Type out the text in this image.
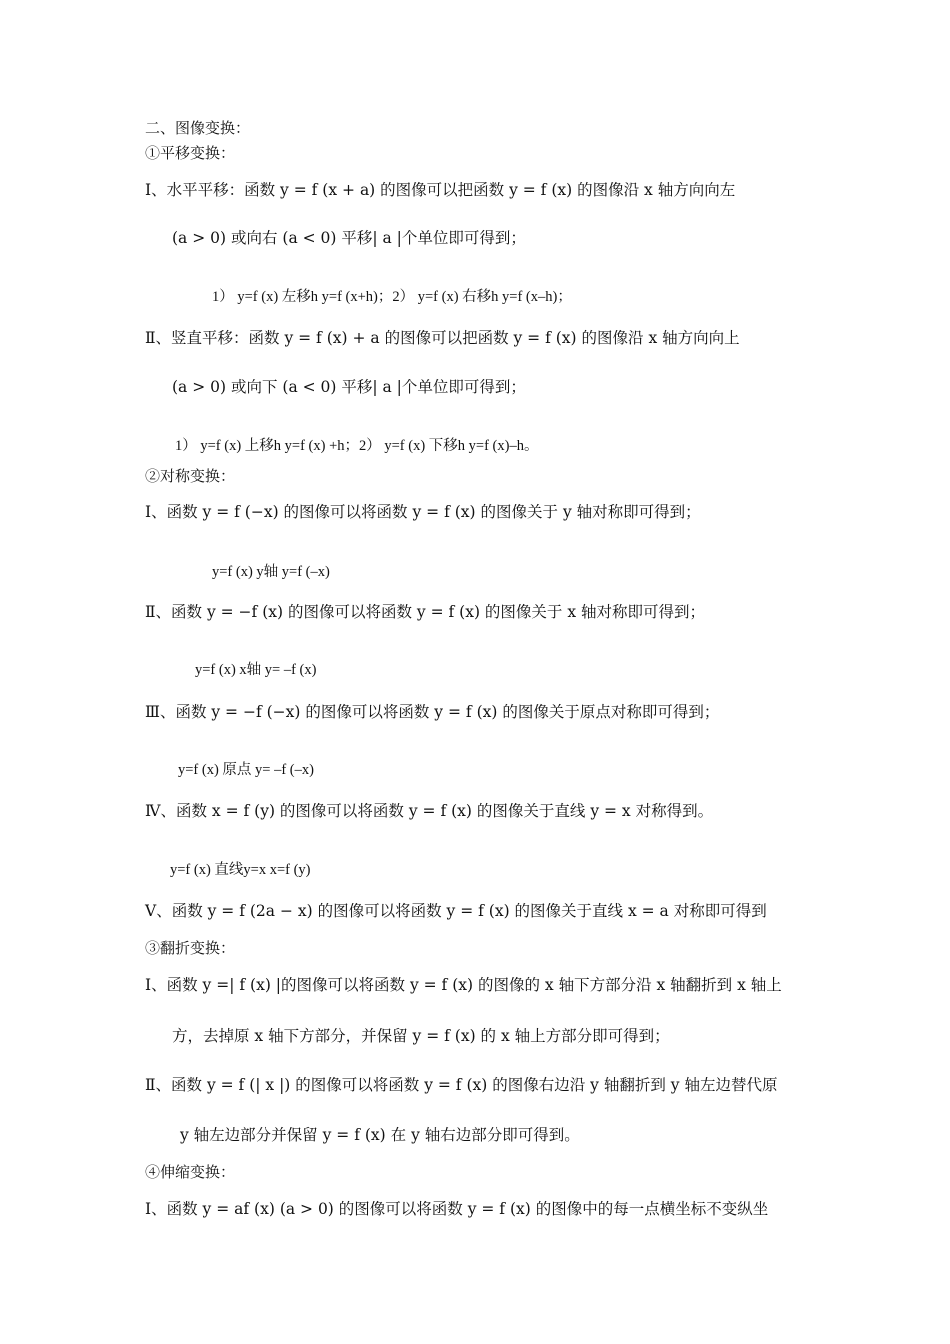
二、图像变换：
①平移变换：
Ⅰ、水平平移：函数 y = f (x + a) 的图像可以把函数 y = f (x) 的图像沿 x 轴方向向左
(a > 0) 或向右 (a < 0) 平移| a |个单位即可得到；
1） y=f (x) 左移h y=f (x+h)；2） y=f (x) 右移h y=f (x–h)；
Ⅱ、竖直平移：函数 y = f (x) + a 的图像可以把函数 y = f (x) 的图像沿 x 轴方向向上
(a > 0) 或向下 (a < 0) 平移| a |个单位即可得到；
1） y=f (x) 上移h y=f (x) +h；2） y=f (x) 下移h y=f (x)–h。
②对称变换：
Ⅰ、函数 y = f (−x) 的图像可以将函数 y = f (x) 的图像关于 y 轴对称即可得到；
y=f (x) y轴 y=f (–x)
Ⅱ、函数 y = −f (x) 的图像可以将函数 y = f (x) 的图像关于 x 轴对称即可得到；
y=f (x) x轴 y= –f (x)
Ⅲ、函数 y = −f (−x) 的图像可以将函数 y = f (x) 的图像关于原点对称即可得到；
y=f (x) 原点 y= –f (–x)
Ⅳ、函数 x = f (y) 的图像可以将函数 y = f (x) 的图像关于直线 y = x 对称得到。
y=f (x) 直线y=x x=f (y)
Ⅴ、函数 y = f (2a − x) 的图像可以将函数 y = f (x) 的图像关于直线 x = a 对称即可得到
③翻折变换：
Ⅰ、函数 y =| f (x) |的图像可以将函数 y = f (x) 的图像的 x 轴下方部分沿 x 轴翻折到 x 轴上
方，去掉原 x 轴下方部分，并保留 y = f (x) 的 x 轴上方部分即可得到；
Ⅱ、函数 y = f (| x |) 的图像可以将函数 y = f (x) 的图像右边沿 y 轴翻折到 y 轴左边替代原
y 轴左边部分并保留 y = f (x) 在 y 轴右边部分即可得到。
④伸缩变换：
Ⅰ、函数 y = af (x) (a > 0) 的图像可以将函数 y = f (x) 的图像中的每一点横坐标不变纵坐
